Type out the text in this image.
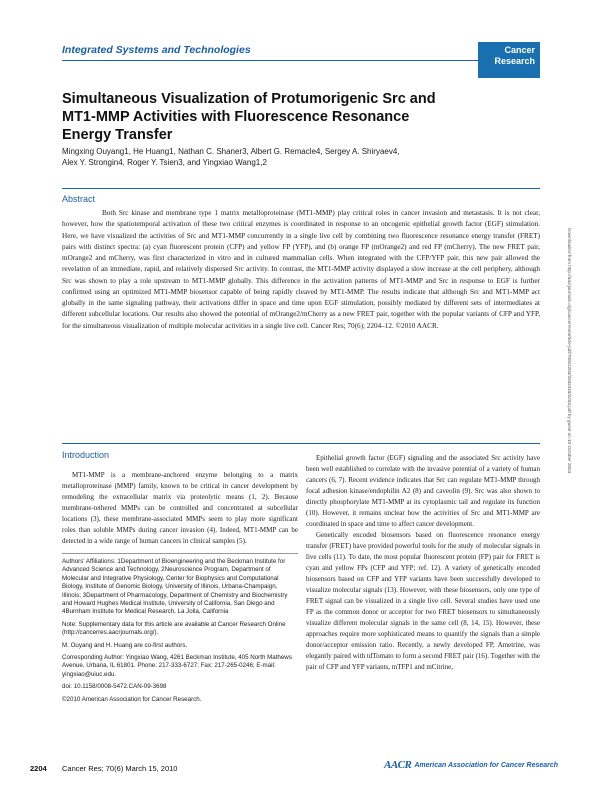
Integrated Systems and Technologies	Cancer
Research
Simultaneous Visualization of Protumorigenic Src and MT1-MMP Activities with Fluorescence Resonance Energy Transfer
Mingxing Ouyang1, He Huang1, Nathan C. Shaner3, Albert G. Remacle4, Sergey A. Shiryaev4,
Alex Y. Strongin4, Roger Y. Tsien3, and Yingxiao Wang1,2
Abstract
Both Src kinase and membrane type 1 matrix metalloproteinase (MT1-MMP) play critical roles in cancer invasion and metastasis. It is not clear, however, how the spatiotemporal activation of these two critical enzymes is coordinated in response to an oncogenic epithelial growth factor (EGF) stimulation. Here, we have visualized the activities of Src and MT1-MMP concurrently in a single live cell by combining two fluorescence resonance energy transfer (FRET) pairs with distinct spectra: (a) cyan fluorescent protein (CFP) and yellow FP (YFP), and (b) orange FP (mOrange2) and red FP (mCherry). The new FRET pair, mOrange2 and mCherry, was first characterized in vitro and in cultured mammalian cells. When integrated with the CFP/YFP pair, this new pair allowed the revelation of an immediate, rapid, and relatively dispersed Src activity. In contrast, the MT1-MMP activity displayed a slow increase at the cell periphery, although Src was shown to play a role upstream to MT1-MMP globally. This difference in the activation patterns of MT1-MMP and Src in response to EGF is further confirmed using an optimized MT1-MMP biosensor capable of being rapidly cleaved by MT1-MMP. The results indicate that although Src and MT1-MMP act globally in the same signaling pathway, their activations differ in space and time upon EGF stimulation, possibly mediated by different sets of intermediates at different subcellular locations. Our results also showed the potential of mOrange2/mCherry as a new FRET pair, together with the popular variants of CFP and YFP, for the simultaneous visualization of multiple molecular activities in a single live cell. Cancer Res; 70(6); 2204–12. ©2010 AACR.
Introduction

MT1-MMP is a membrane-anchored enzyme belonging to a matrix metalloproteinase (MMP) family, known to be critical in cancer development by remodeling the extracellular matrix via proteolytic means (1, 2). Because membrane-tethered MMPs can be controlled and concentrated at subcellular locations (3), these membrane-associated MMPs seem to play more significant roles than soluble MMPs during cancer invasion (4). Indeed, MT1-MMP can be detected in a wide range of human cancers in clinical samples (5).

Authors' Affiliations: 1Department of Bioengineering and the Beckman Institute for Advanced Science and Technology, 2Neuroscience Program, Department of Molecular and Integrative Physiology, Center for Biophysics and Computational Biology, Institute of Genomic Biology, University of Illinois, Urbana-Champaign, Illinois; 3Department of Pharmacology, Department of Chemistry and Biochemistry and Howard Hughes Medical Institute, University of California, San Diego and 4Burnham Institute for Medical Research, La Jolla, California

Note: Supplementary data for this article are available at Cancer Research Online (http://cancerres.aacrjournals.org/).

M. Ouyang and H. Huang are co-first authors.

Corresponding Author: Yingxiao Wang, 4261 Beckman Institute, 405 North Mathews Avenue, Urbana, IL 61801. Phone: 217-333-6727; Fax: 217-265-0246; E-mail: yingxiao@uiuc.edu.

doi: 10.1158/0008-5472.CAN-09-3698

©2010 American Association for Cancer Research.

Epithelial growth factor (EGF) signaling and the associated Src activity have been well established to correlate with the invasive potential of a variety of human cancers (6, 7). Recent evidence indicates that Src can regulate MT1-MMP through focal adhesion kinase/endophilin A2 (8) and caveolin (9). Src was also shown to directly phosphorylate MT1-MMP at its cytoplasmic tail and regulate its function (10). However, it remains unclear how the activities of Src and MT1-MMP are coordinated in space and time to affect cancer development.

Genetically encoded biosensors based on fluorescence resonance energy transfer (FRET) have provided powerful tools for the study of molecular signals in live cells (11). To date, the most popular fluorescent protein (FP) pair for FRET is cyan and yellow FPs (CFP and YFP; ref. 12). A variety of genetically encoded biosensors based on CFP and YFP variants have been successfully developed to visualize molecular signals (13). However, with these biosensors, only one type of FRET signal can be visualized in a single live cell. Several studies have used one FP as the common donor or acceptor for two FRET biosensors to simultaneously visualize different molecular signals in the same cell (8, 14, 15). However, these approaches require more sophisticated means to quantify the signals than a simple donor/acceptor emission ratio. Recently, a newly developed FP, Ametrine, was elegantly paired with tdTomato to form a second FRET pair (16). Together with the pair of CFP and YFP variants, mTFP1 and mCitrine,

Downloaded from http://aacrjournals.org/cancerres/article-pdf/70/6/2204/2632418/2204.pdf by guest on 10 October 2023
2204 Cancer Res; 70(6) March 15, 2010	AACR American Association for Cancer Research
